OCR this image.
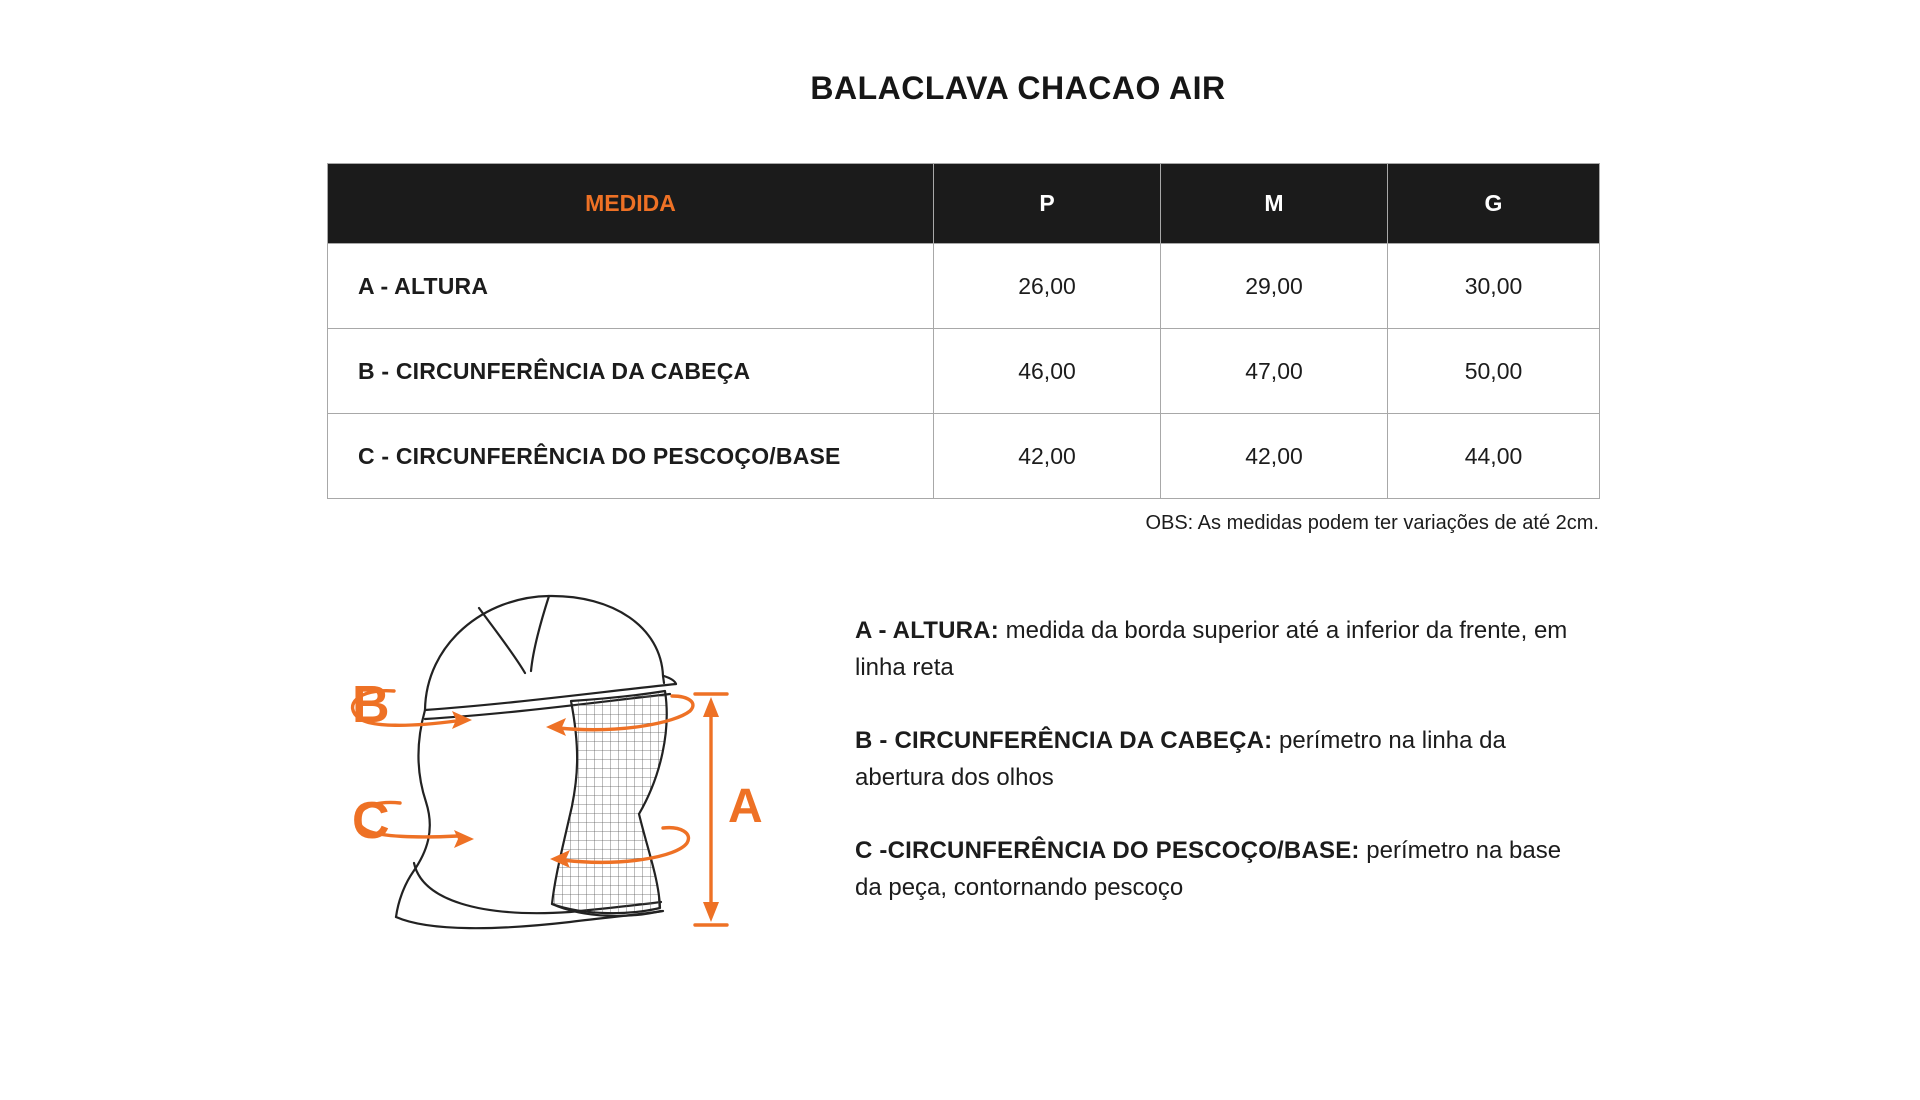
BALACLAVA CHACAO AIR
MEDIDA	P	M	G
A - ALTURA	26,00	29,00	30,00
B - CIRCUNFERÊNCIA DA CABEÇA	46,00	47,00	50,00
C - CIRCUNFERÊNCIA DO PESCOÇO/BASE	42,00	42,00	44,00
OBS: As medidas podem ter variações de até 2cm.
B
C	A

A - ALTURA: medida da borda superior até a inferior da frente, em linha reta

B - CIRCUNFERÊNCIA DA CABEÇA: perímetro na linha da abertura dos olhos

C -CIRCUNFERÊNCIA DO PESCOÇO/BASE: perímetro na base da peça, contornando pescoço
